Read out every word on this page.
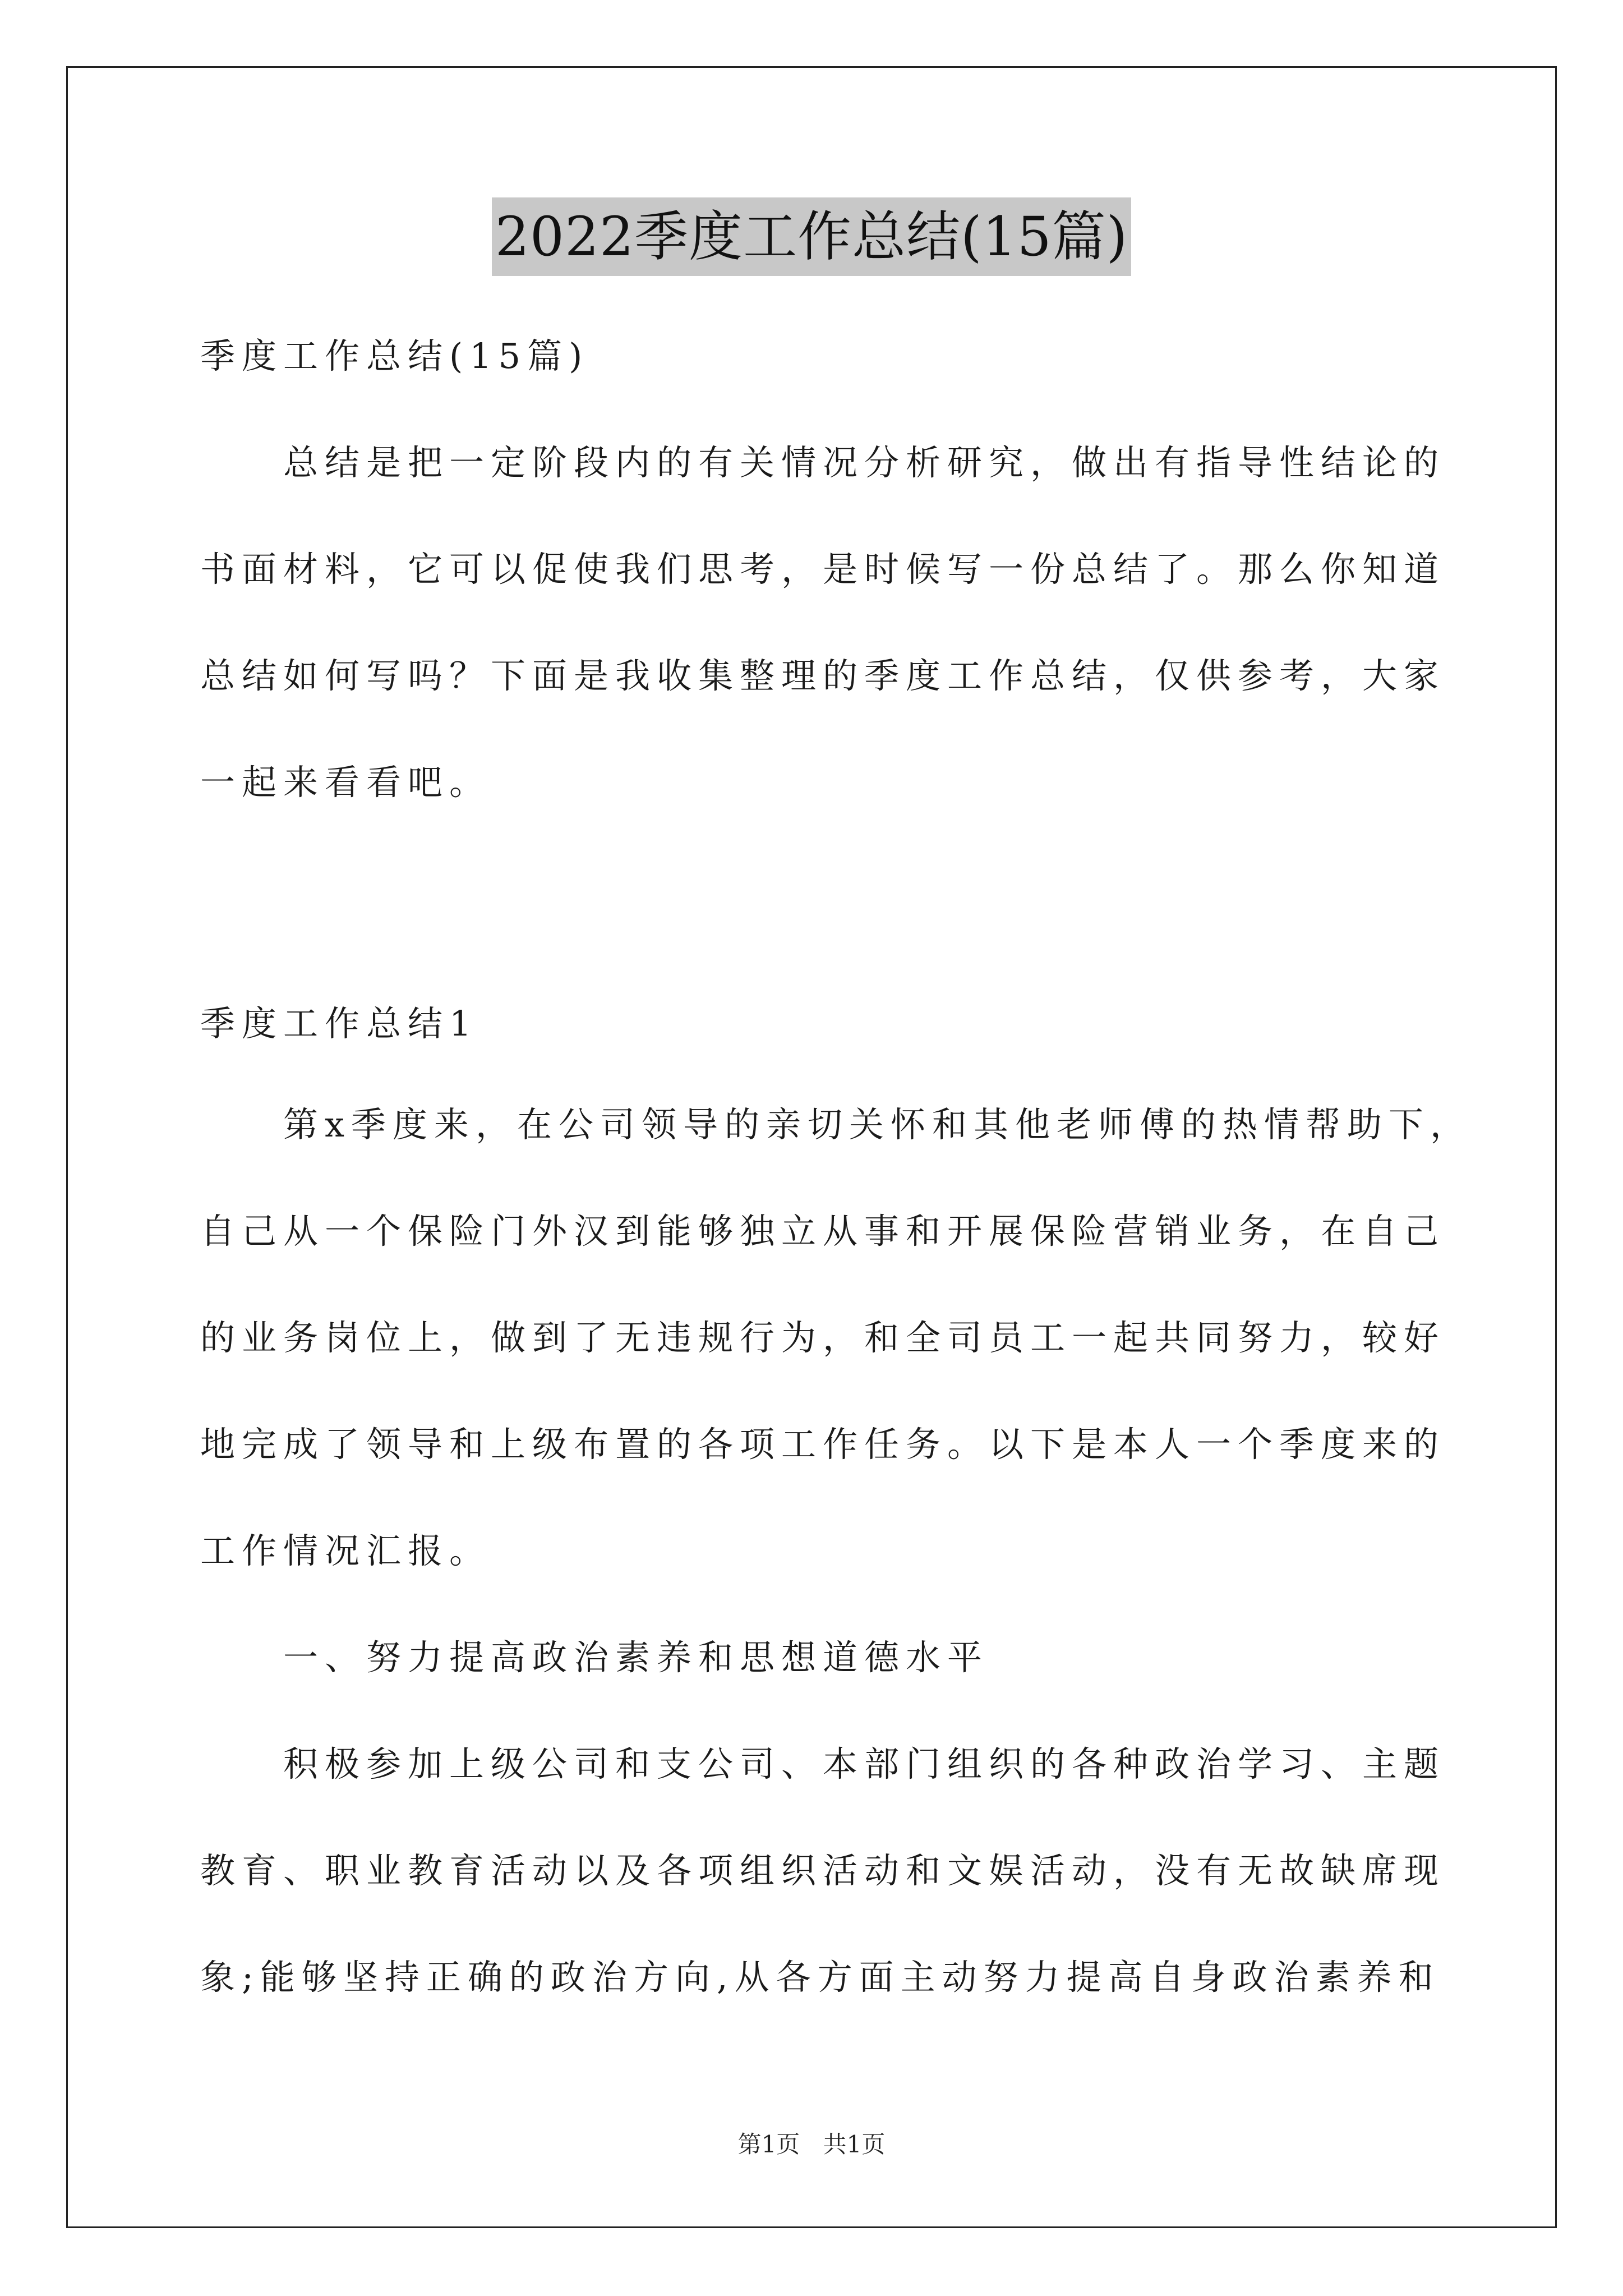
2022季度工作总结(15篇)
季度工作总结(15篇)
总结是把一定阶段内的有关情况分析研究，做出有指导性结论的
书面材料，它可以促使我们思考，是时候写一份总结了。那么你知道
总结如何写吗？下面是我收集整理的季度工作总结，仅供参考，大家
一起来看看吧。
季度工作总结1
第x季度来，在公司领导的亲切关怀和其他老师傅的热情帮助下，
自己从一个保险门外汉到能够独立从事和开展保险营销业务，在自己
的业务岗位上，做到了无违规行为，和全司员工一起共同努力，较好
地完成了领导和上级布置的各项工作任务。以下是本人一个季度来的
工作情况汇报。
一、努力提高政治素养和思想道德水平
积极参加上级公司和支公司、本部门组织的各种政治学习、主题
教育、职业教育活动以及各项组织活动和文娱活动，没有无故缺席现
象;能够坚持正确的政治方向,从各方面主动努力提高自身政治素养和
第1页 共1页
